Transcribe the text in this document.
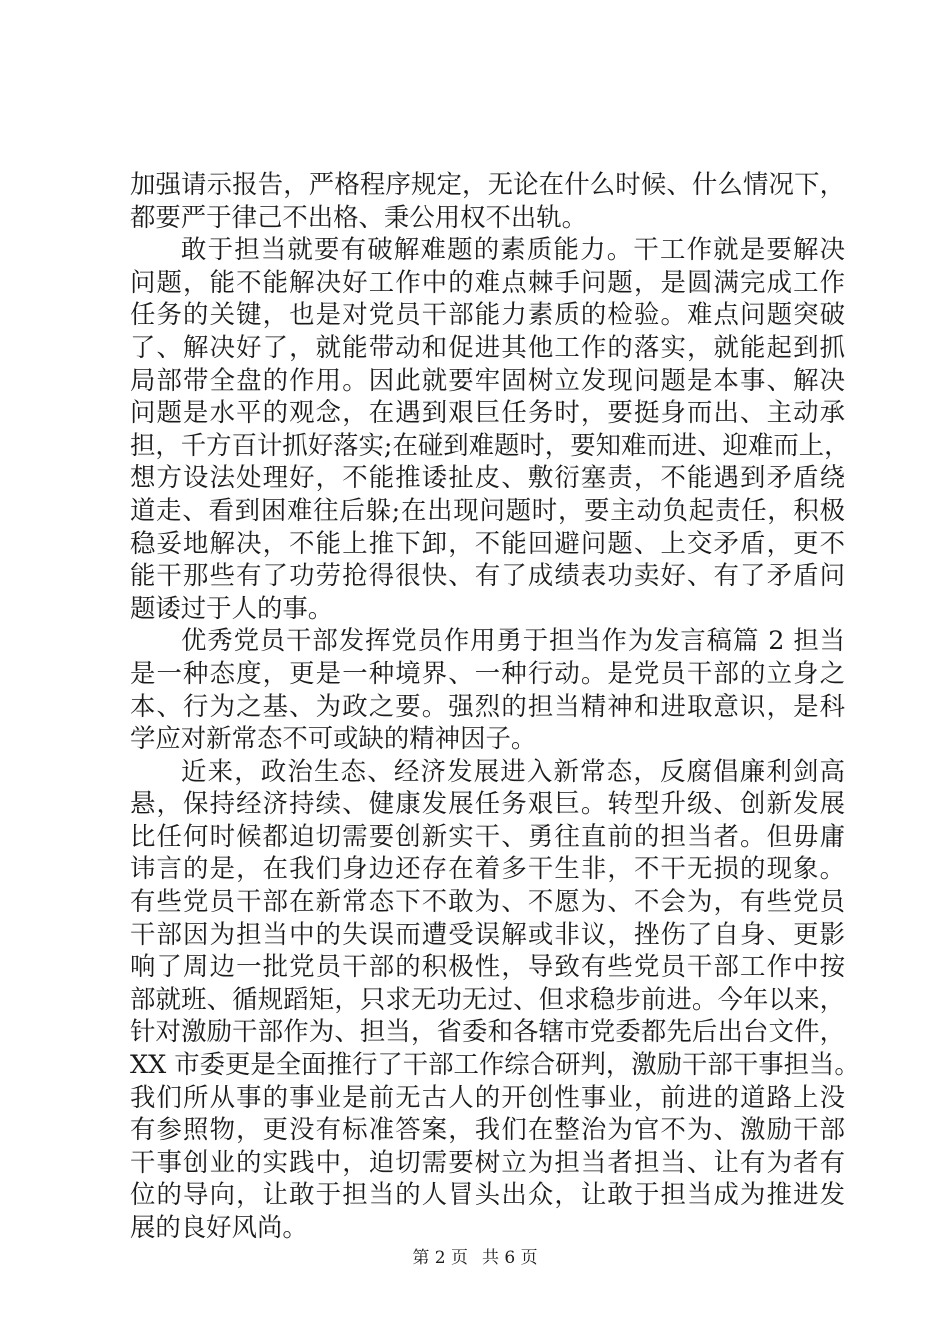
加强请示报告，严格程序规定，无论在什么时候、什么情况下，
都要严于律己不出格、秉公用权不出轨。
敢于担当就要有破解难题的素质能力。干工作就是要解决
问题，能不能解决好工作中的难点棘手问题，是圆满完成工作
任务的关键，也是对党员干部能力素质的检验。难点问题突破
了、解决好了，就能带动和促进其他工作的落实，就能起到抓
局部带全盘的作用。因此就要牢固树立发现问题是本事、解决
问题是水平的观念，在遇到艰巨任务时，要挺身而出、主动承
担，千方百计抓好落实;在碰到难题时，要知难而进、迎难而上，
想方设法处理好，不能推诿扯皮、敷衍塞责，不能遇到矛盾绕
道走、看到困难往后躲;在出现问题时，要主动负起责任，积极
稳妥地解决，不能上推下卸，不能回避问题、上交矛盾，更不
能干那些有了功劳抢得很快、有了成绩表功卖好、有了矛盾问
题诿过于人的事。
优秀党员干部发挥党员作用勇于担当作为发言稿篇 2 担当
是一种态度，更是一种境界、一种行动。是党员干部的立身之
本、行为之基、为政之要。强烈的担当精神和进取意识，是科
学应对新常态不可或缺的精神因子。
近来，政治生态、经济发展进入新常态，反腐倡廉利剑高
悬，保持经济持续、健康发展任务艰巨。转型升级、创新发展
比任何时候都迫切需要创新实干、勇往直前的担当者。但毋庸
讳言的是，在我们身边还存在着多干生非，不干无损的现象。
有些党员干部在新常态下不敢为、不愿为、不会为，有些党员
干部因为担当中的失误而遭受误解或非议，挫伤了自身、更影
响了周边一批党员干部的积极性，导致有些党员干部工作中按
部就班、循规蹈矩，只求无功无过、但求稳步前进。今年以来，
针对激励干部作为、担当，省委和各辖市党委都先后出台文件，
XX 市委更是全面推行了干部工作综合研判，激励干部干事担当。
我们所从事的事业是前无古人的开创性事业，前进的道路上没
有参照物，更没有标准答案，我们在整治为官不为、激励干部
干事创业的实践中，迫切需要树立为担当者担当、让有为者有
位的导向，让敢于担当的人冒头出众，让敢于担当成为推进发
展的良好风尚。
第 2 页 共 6 页
